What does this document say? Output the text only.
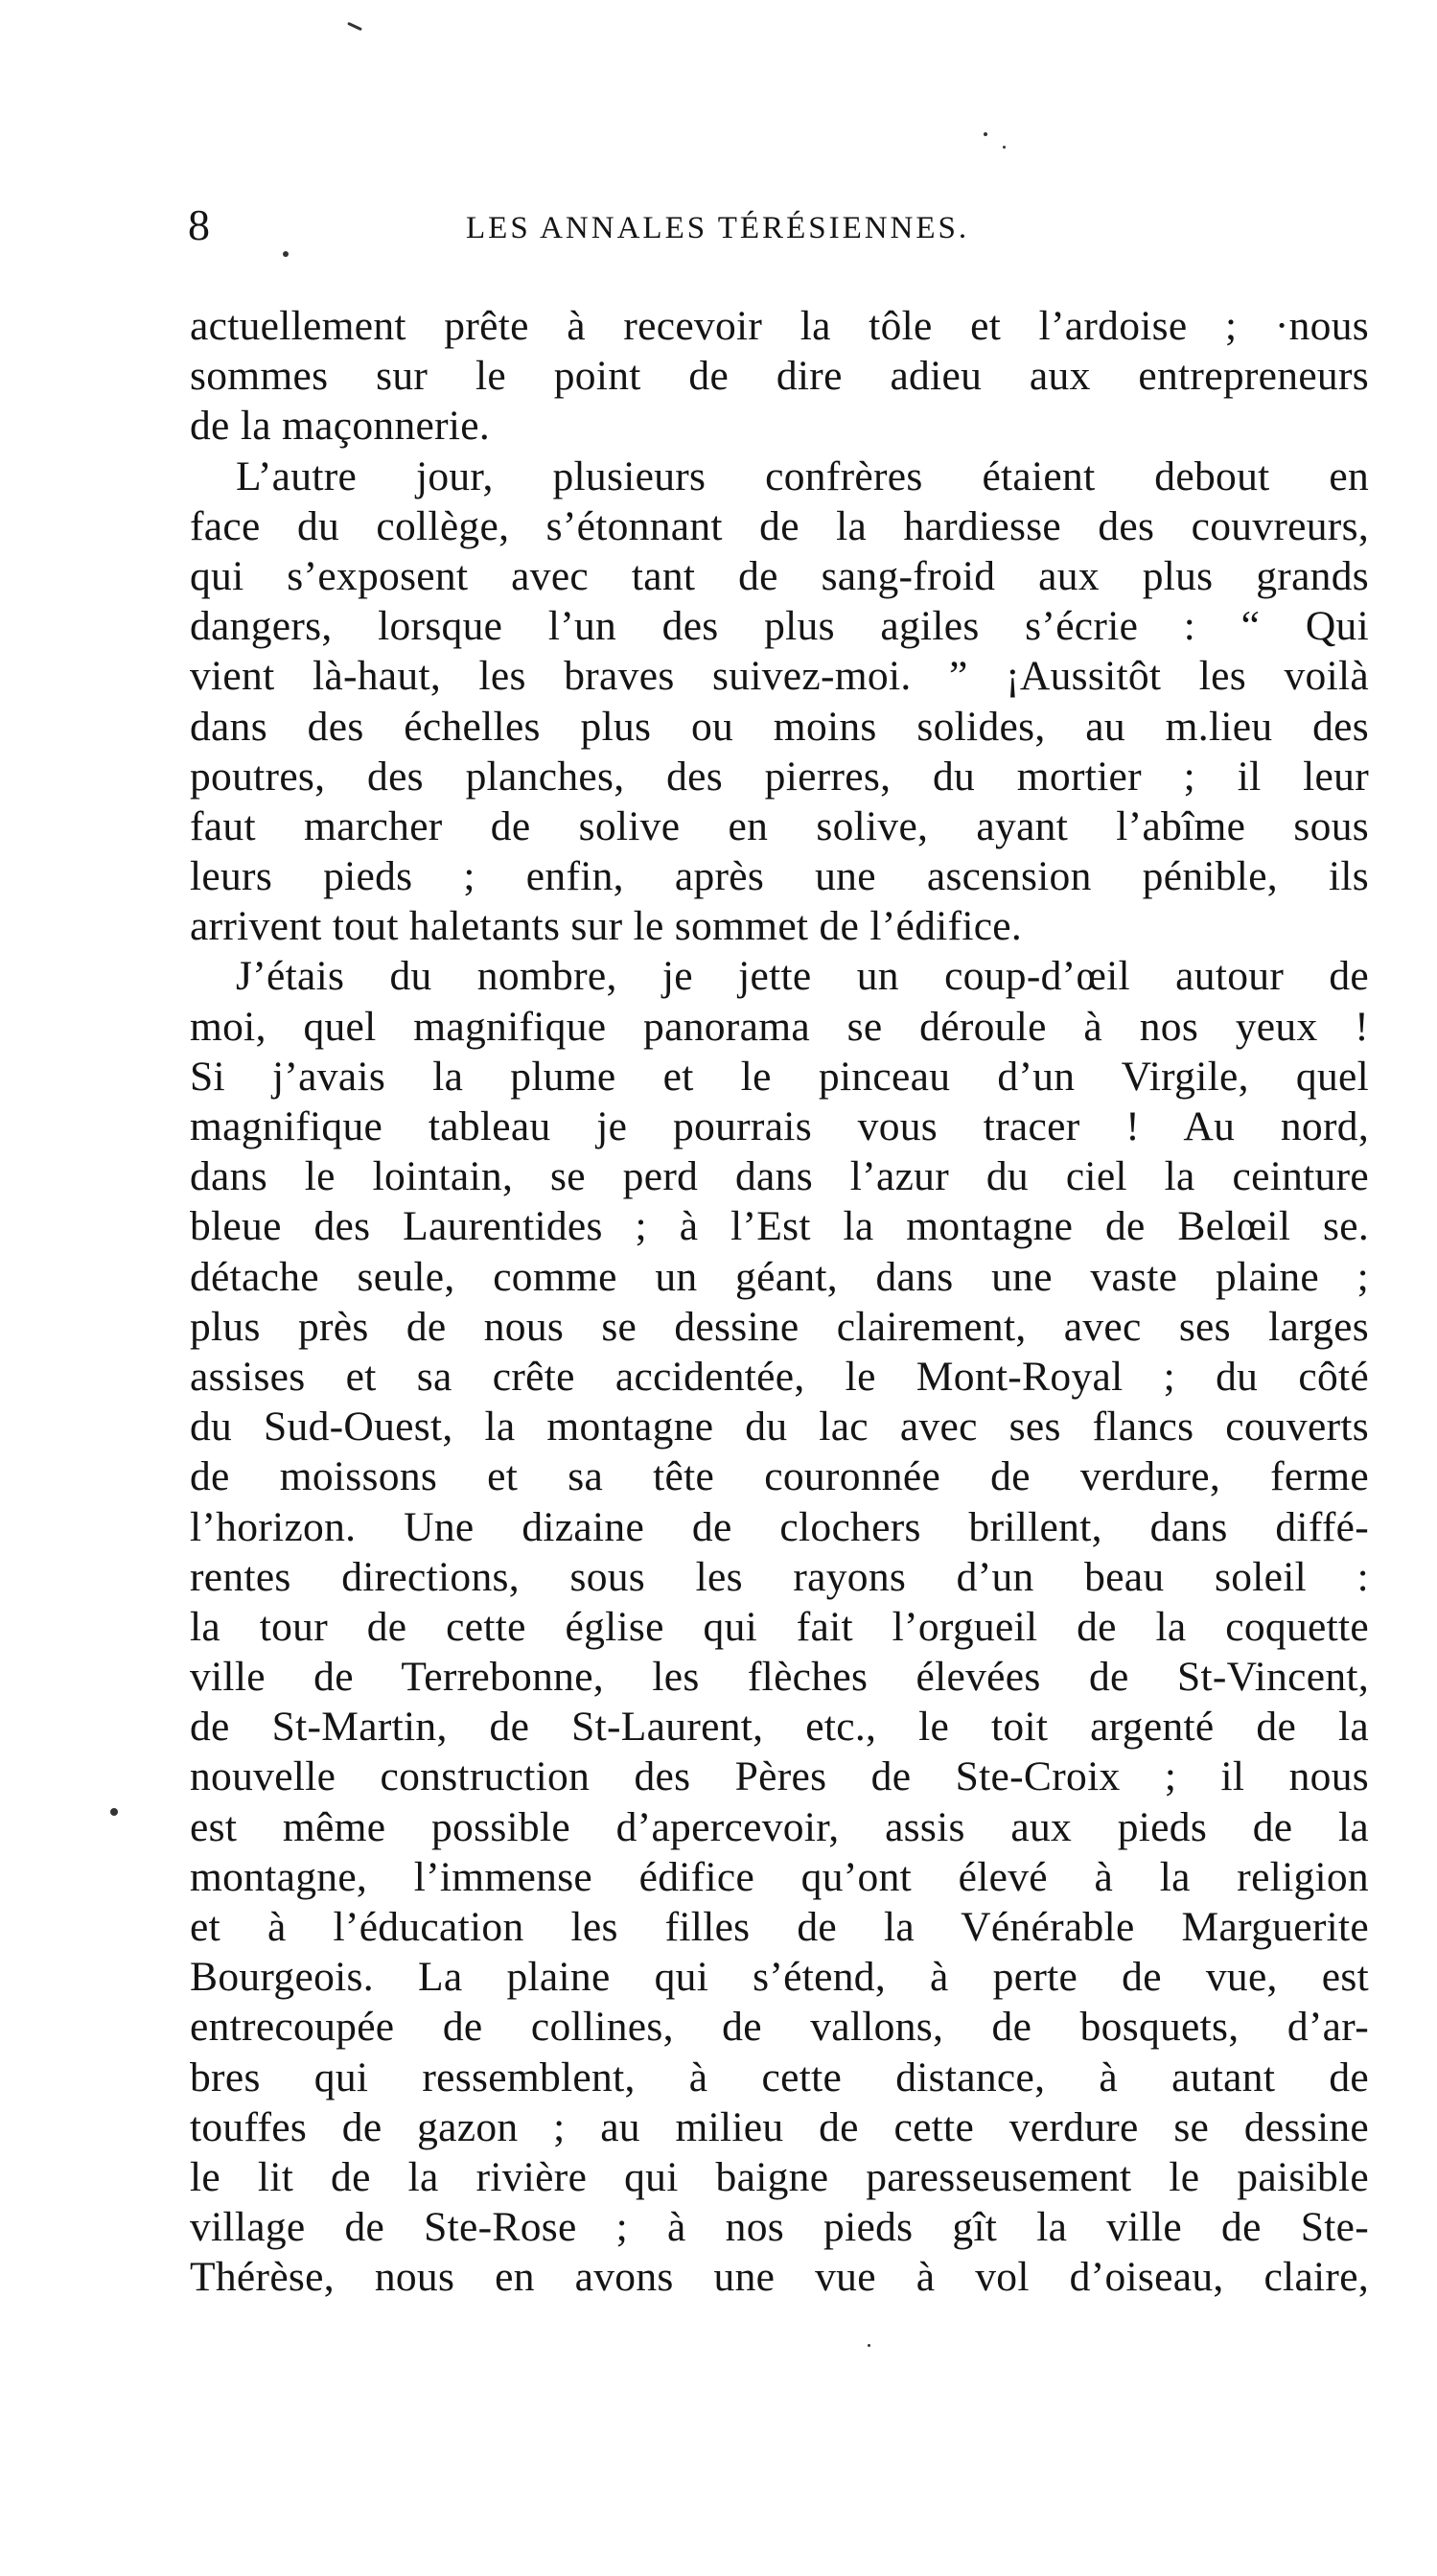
8	LES ANNALES TÉRÉSIENNES.
actuellement prête à recevoir la tôle et l’ardoise ; ·nous
sommes sur le point de dire adieu aux entrepreneurs
de la maçonnerie.
L’autre jour, plusieurs confrères étaient debout en
face du collège, s’étonnant de la hardiesse des couvreurs,
qui s’exposent avec tant de sang-froid aux plus grands
dangers, lorsque l’un des plus agiles s’écrie : “ Qui
vient là-haut, les braves suivez-moi. ” ¡Aussitôt les voilà
dans des échelles plus ou moins solides, au m.lieu des
poutres, des planches, des pierres, du mortier ; il leur
faut marcher de solive en solive, ayant l’abîme sous
leurs pieds ; enfin, après une ascension pénible, ils
arrivent tout haletants sur le sommet de l’édifice.
J’étais du nombre, je jette un coup-d’œil autour de
moi, quel magnifique panorama se déroule à nos yeux !
Si j’avais la plume et le pinceau d’un Virgile, quel
magnifique tableau je pourrais vous tracer ! Au nord,
dans le lointain, se perd dans l’azur du ciel la ceinture
bleue des Laurentides ; à l’Est la montagne de Belœil se.
détache seule, comme un géant, dans une vaste plaine ;
plus près de nous se dessine clairement, avec ses larges
assises et sa crête accidentée, le Mont-Royal ; du côté
du Sud-Ouest, la montagne du lac avec ses flancs couverts
de moissons et sa tête couronnée de verdure, ferme
l’horizon. Une dizaine de clochers brillent, dans diffé-
rentes directions, sous les rayons d’un beau soleil :
la tour de cette église qui fait l’orgueil de la coquette
ville de Terrebonne, les flèches élevées de St-Vincent,
de St-Martin, de St-Laurent, etc., le toit argenté de la
nouvelle construction des Pères de Ste-Croix ; il nous
est même possible d’apercevoir, assis aux pieds de la
montagne, l’immense édifice qu’ont élevé à la religion
et à l’éducation les filles de la Vénérable Marguerite
Bourgeois. La plaine qui s’étend, à perte de vue, est
entrecoupée de collines, de vallons, de bosquets, d’ar-
bres qui ressemblent, à cette distance, à autant de
touffes de gazon ; au milieu de cette verdure se dessine
le lit de la rivière qui baigne paresseusement le paisible
village de Ste-Rose ; à nos pieds gît la ville de Ste-
Thérèse, nous en avons une vue à vol d’oiseau, claire,
